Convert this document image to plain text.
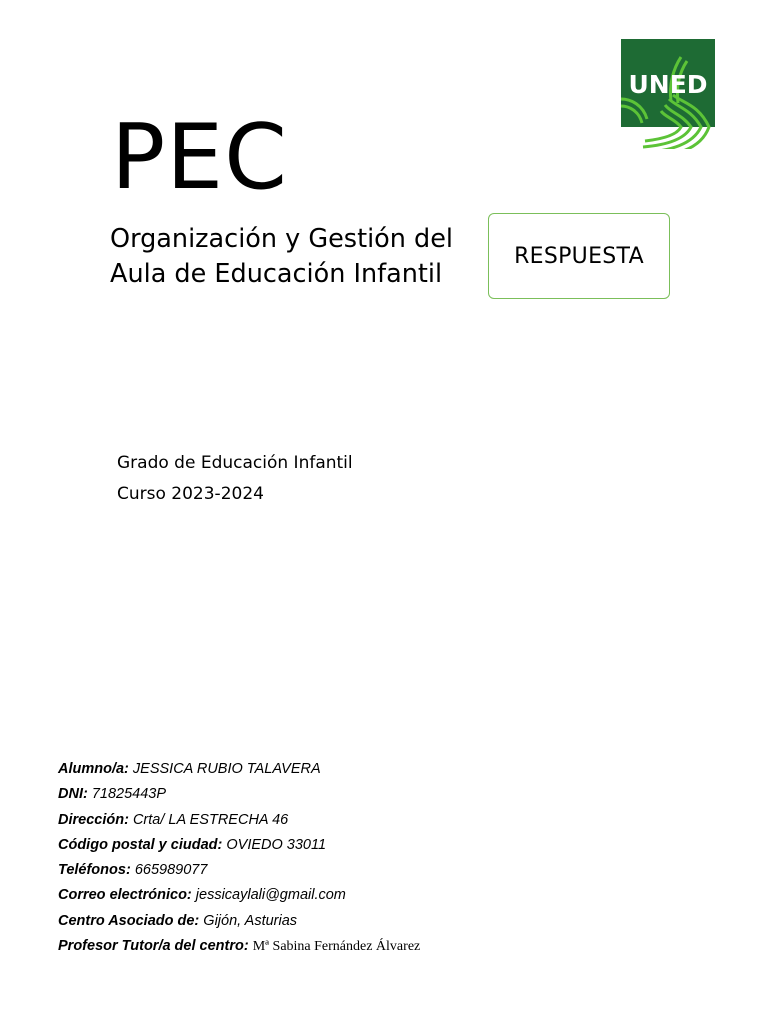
UNED
PEC
Organización y Gestión del
Aula de Educación Infantil
RESPUESTA
Grado de Educación Infantil
Curso 2023-2024
Alumno/a: JESSICA RUBIO TALAVERA
DNI: 71825443P
Dirección: Crta/ LA ESTRECHA 46
Código postal y ciudad: OVIEDO 33011
Teléfonos: 665989077
Correo electrónico: jessicaylali@gmail.com
Centro Asociado de: Gijón, Asturias
Profesor Tutor/a del centro: Mª Sabina Fernández Álvarez
